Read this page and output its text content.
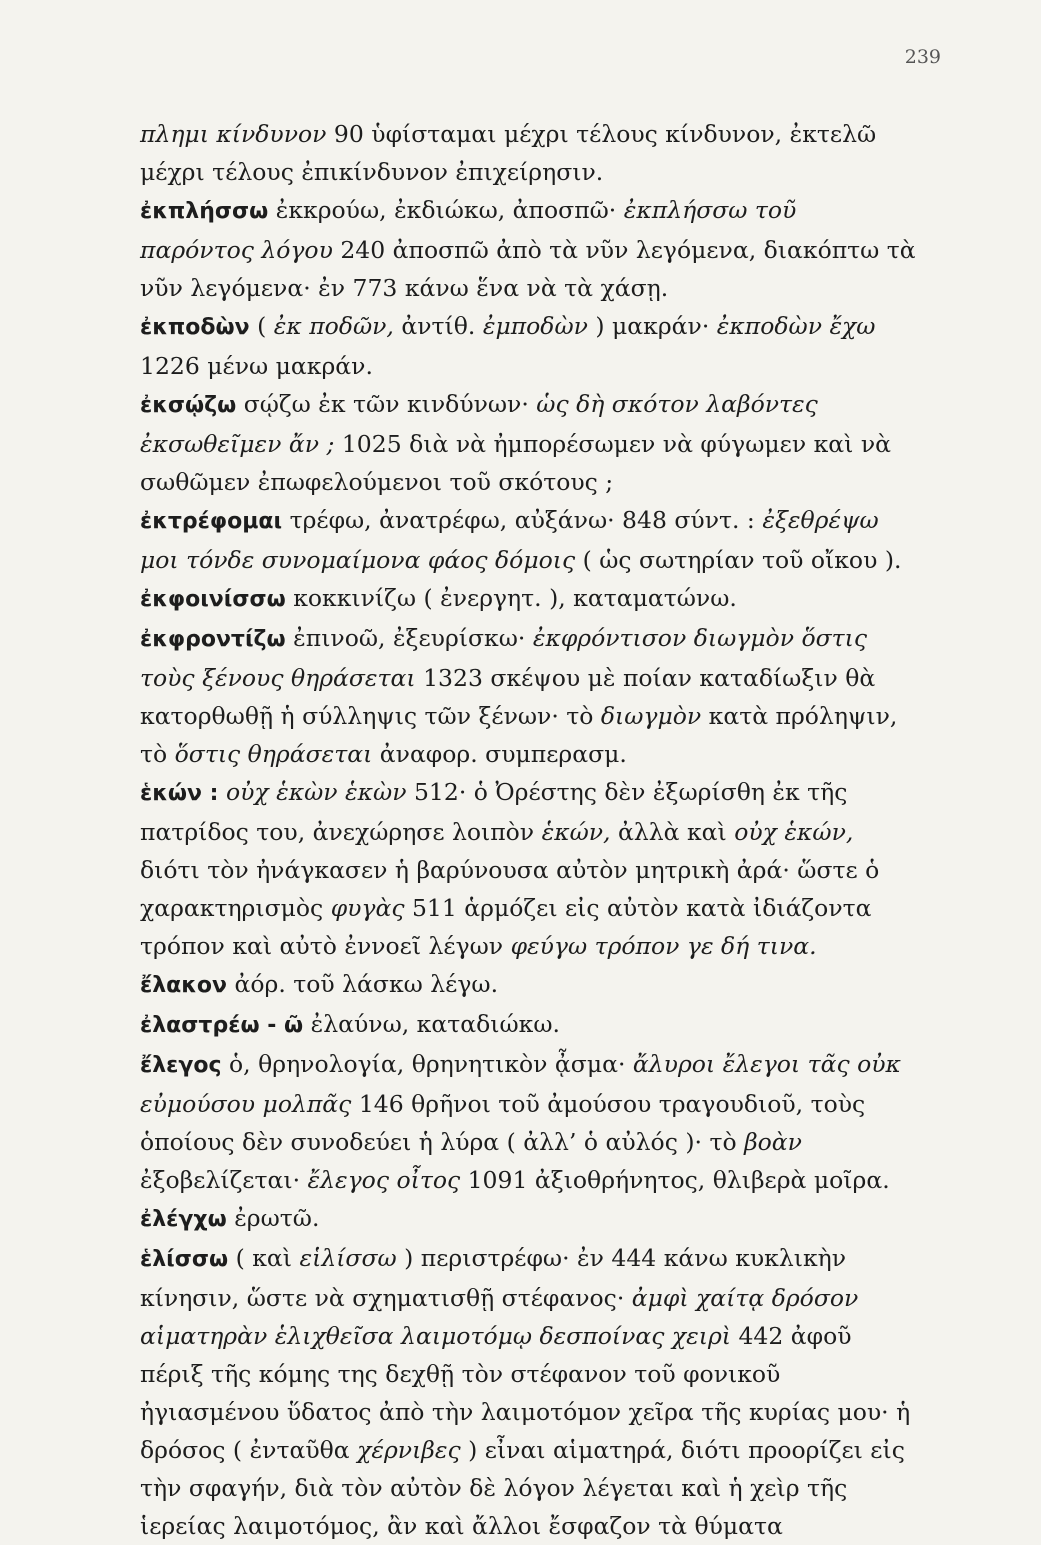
239

πλημι κίνδυνον 90 ὑφίσταμαι μέχρι τέλους κίνδυνον, ἐκτελῶ μέχρι τέλους ἐπικίνδυνον ἐπιχείρησιν.

ἐκπλήσσω ἐκκρούω, ἐκδιώκω, ἀποσπῶ· ἐκπλήσσω τοῦ παρόντος λόγου 240 ἀποσπῶ ἀπὸ τὰ νῦν λεγόμενα, διακόπτω τὰ νῦν λεγόμενα· ἐν 773 κάνω ἕνα νὰ τὰ χάσῃ.

ἐκποδὼν ( ἐκ ποδῶν, ἀντίθ. ἐμποδὼν ) μακράν· ἐκποδὼν ἔχω 1226 μένω μακράν.

ἐκσῴζω σῴζω ἐκ τῶν κινδύνων· ὡς δὴ σκότον λαβόντες ἐκσωθεῖμεν ἄν ; 1025 διὰ νὰ ἠμπορέσωμεν νὰ φύγωμεν καὶ νὰ σωθῶμεν ἐπωφελούμενοι τοῦ σκότους ;

ἐκτρέφομαι τρέφω, ἀνατρέφω, αὐξάνω· 848 σύντ. : ἐξεθρέψω μοι τόνδε συνομαίμονα φάος δόμοις ( ὡς σωτηρίαν τοῦ οἴκου ).

ἐκφοινίσσω κοκκινίζω ( ἐνεργητ. ), καταματώνω.

ἐκφροντίζω ἐπινοῶ, ἐξευρίσκω· ἐκφρόντισον διωγμὸν ὅστις τοὺς ξένους θηράσεται 1323 σκέψου μὲ ποίαν καταδίωξιν θὰ κατορθωθῇ ἡ σύλληψις τῶν ξένων· τὸ διωγμὸν κατὰ πρόληψιν, τὸ ὅστις θηράσεται ἀναφορ. συμπερασμ.

ἑκών : οὐχ ἑκὼν ἑκὼν 512· ὁ Ὀρέστης δὲν ἐξωρίσθη ἐκ τῆς πατρίδος του, ἀνεχώρησε λοιπὸν ἑκών, ἀλλὰ καὶ οὐχ ἑκών, διότι τὸν ἠνάγκασεν ἡ βαρύνουσα αὐτὸν μητρικὴ ἀρά· ὥστε ὁ χαρακτηρισμὸς φυγὰς 511 ἁρμόζει εἰς αὐτὸν κατὰ ἰδιάζοντα τρόπον καὶ αὐτὸ ἐννοεῖ λέγων φεύγω τρόπον γε δή τινα.

ἔλακον ἀόρ. τοῦ λάσκω λέγω.

ἐλαστρέω - ῶ ἐλαύνω, καταδιώκω.

ἔλεγος ὁ, θρηνολογία, θρηνητικὸν ᾆσμα· ἄλυροι ἔλεγοι τᾶς οὐκ εὐμούσου μολπᾶς 146 θρῆνοι τοῦ ἀμούσου τραγουδιοῦ, τοὺς ὁποίους δὲν συνοδεύει ἡ λύρα ( ἀλλ’ ὁ αὐλός )· τὸ βοὰν ἐξοβελίζεται· ἔλεγος οἶτος 1091 ἀξιοθρήνητος, θλιβερὰ μοῖρα.

ἐλέγχω ἐρωτῶ.

ἑλίσσω ( καὶ εἱλίσσω ) περιστρέφω· ἐν 444 κάνω κυκλικὴν κίνησιν, ὥστε νὰ σχηματισθῇ στέφανος· ἀμφὶ χαίτᾳ δρόσον αἱματηρὰν ἑλιχθεῖσα λαιμοτόμῳ δεσποίνας χειρὶ 442 ἀφοῦ πέριξ τῆς κόμης της δεχθῇ τὸν στέφανον τοῦ φονικοῦ ἠγιασμένου ὕδατος ἀπὸ τὴν λαιμοτόμον χεῖρα τῆς κυρίας μου· ἡ δρόσος ( ἐνταῦθα χέρνιβες ) εἶναι αἱματηρά, διότι προορίζει εἰς τὴν σφαγήν, διὰ τὸν αὐτὸν δὲ λόγον λέγεται καὶ ἡ χεὶρ τῆς ἱερείας λαιμοτόμος, ἂν καὶ ἄλλοι ἔσφαζον τὰ θύματα
